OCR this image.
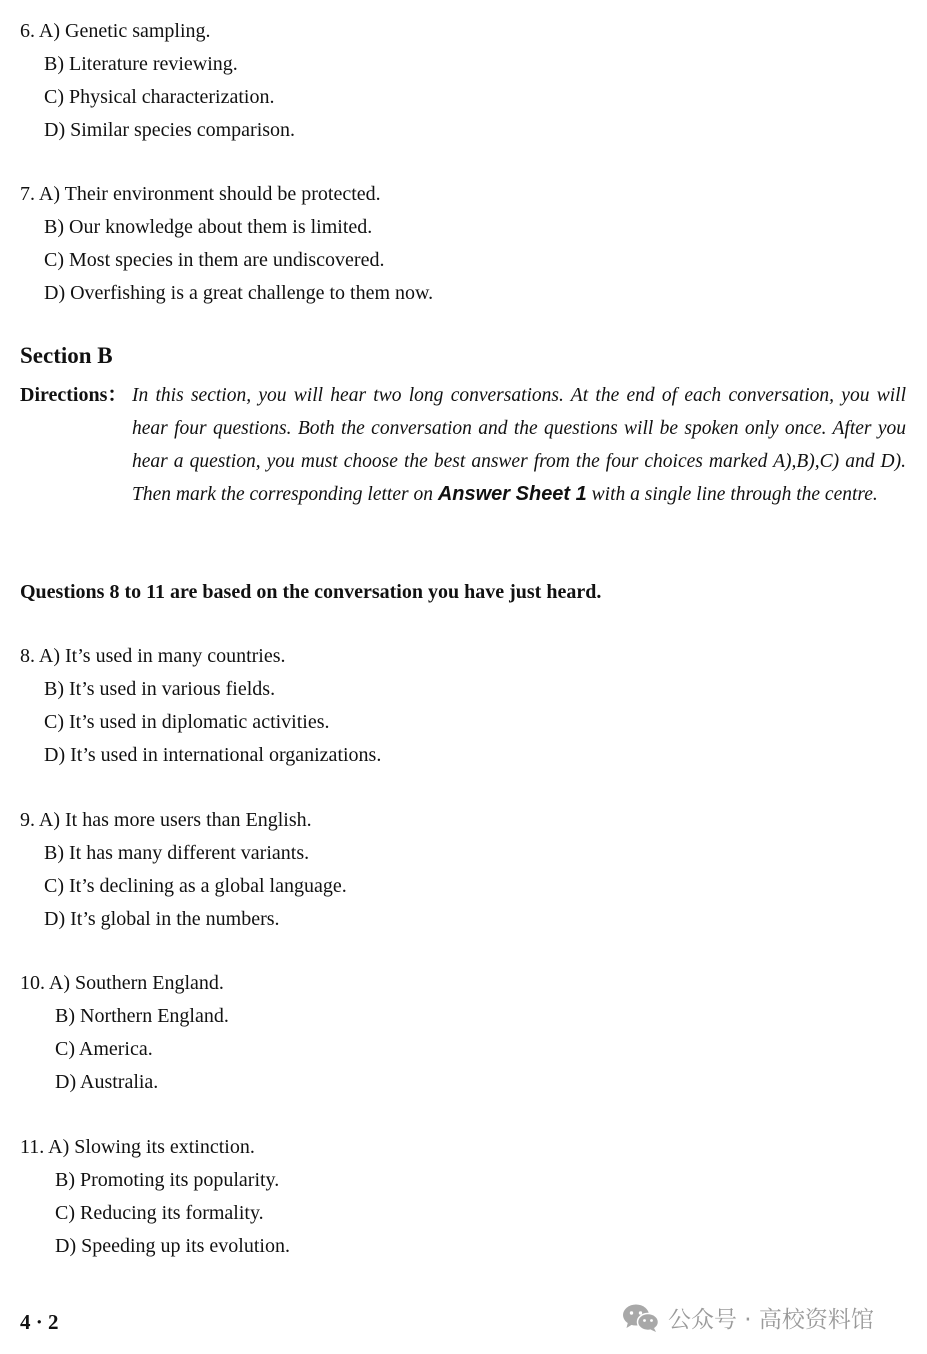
6. A) Genetic sampling.
B) Literature reviewing.
C) Physical characterization.
D) Similar species comparison.
7. A) Their environment should be protected.
B) Our knowledge about them is limited.
C) Most species in them are undiscovered.
D) Overfishing is a great challenge to them now.
Section B
Directions： In this section, you will hear two long conversations. At the end of each conversation, you will hear four questions. Both the conversation and the questions will be spoken only once. After you hear a question, you must choose the best answer from the four choices marked A),B),C) and D). Then mark the corresponding letter on Answer Sheet 1 with a single line through the centre.
Questions 8 to 11 are based on the conversation you have just heard.
8. A) It’s used in many countries.
B) It’s used in various fields.
C) It’s used in diplomatic activities.
D) It’s used in international organizations.
9. A) It has more users than English.
B) It has many different variants.
C) It’s declining as a global language.
D) It’s global in the numbers.
10. A) Southern England.
B) Northern England.
C) America.
D) Australia.
11. A) Slowing its extinction.
B) Promoting its popularity.
C) Reducing its formality.
D) Speeding up its evolution.
4 · 2	公众号 · 高校资料馆
